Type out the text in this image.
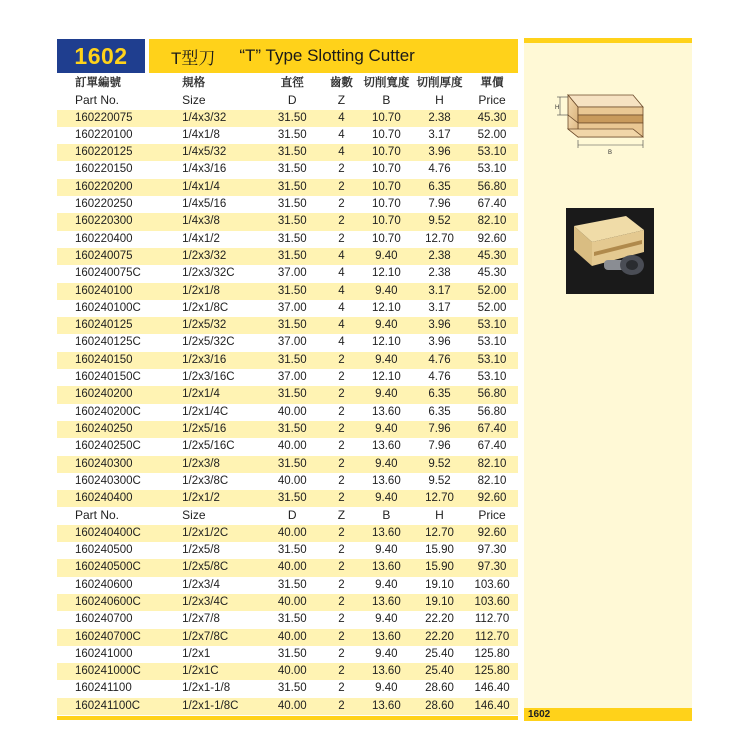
1602	T型刀 “T” Type Slotting Cutter
訂單編號	規格	直徑	齒數	切削寬度	切削厚度	單價
Part No.	Size	D	Z	B	H	Price
160220075	1/4x3/32	31.50	4	10.70	2.38	45.30
160220100	1/4x1/8	31.50	4	10.70	3.17	52.00
160220125	1/4x5/32	31.50	4	10.70	3.96	53.10
160220150	1/4x3/16	31.50	2	10.70	4.76	53.10
160220200	1/4x1/4	31.50	2	10.70	6.35	56.80
160220250	1/4x5/16	31.50	2	10.70	7.96	67.40
160220300	1/4x3/8	31.50	2	10.70	9.52	82.10
160220400	1/4x1/2	31.50	2	10.70	12.70	92.60
160240075	1/2x3/32	31.50	4	9.40	2.38	45.30
160240075C	1/2x3/32C	37.00	4	12.10	2.38	45.30
160240100	1/2x1/8	31.50	4	9.40	3.17	52.00
160240100C	1/2x1/8C	37.00	4	12.10	3.17	52.00
160240125	1/2x5/32	31.50	4	9.40	3.96	53.10
160240125C	1/2x5/32C	37.00	4	12.10	3.96	53.10
160240150	1/2x3/16	31.50	2	9.40	4.76	53.10
160240150C	1/2x3/16C	37.00	2	12.10	4.76	53.10
160240200	1/2x1/4	31.50	2	9.40	6.35	56.80
160240200C	1/2x1/4C	40.00	2	13.60	6.35	56.80
160240250	1/2x5/16	31.50	2	9.40	7.96	67.40
160240250C	1/2x5/16C	40.00	2	13.60	7.96	67.40
160240300	1/2x3/8	31.50	2	9.40	9.52	82.10
160240300C	1/2x3/8C	40.00	2	13.60	9.52	82.10
160240400	1/2x1/2	31.50	2	9.40	12.70	92.60
Part No.	Size	D	Z	B	H	Price
160240400C	1/2x1/2C	40.00	2	13.60	12.70	92.60
160240500	1/2x5/8	31.50	2	9.40	15.90	97.30
160240500C	1/2x5/8C	40.00	2	13.60	15.90	97.30
160240600	1/2x3/4	31.50	2	9.40	19.10	103.60
160240600C	1/2x3/4C	40.00	2	13.60	19.10	103.60
160240700	1/2x7/8	31.50	2	9.40	22.20	112.70
160240700C	1/2x7/8C	40.00	2	13.60	22.20	112.70
160241000	1/2x1	31.50	2	9.40	25.40	125.80
160241000C	1/2x1C	40.00	2	13.60	25.40	125.80
160241100	1/2x1-1/8	31.50	2	9.40	28.60	146.40
160241100C	1/2x1-1/8C	40.00	2	13.60	28.60	146.40
H
B
1602
